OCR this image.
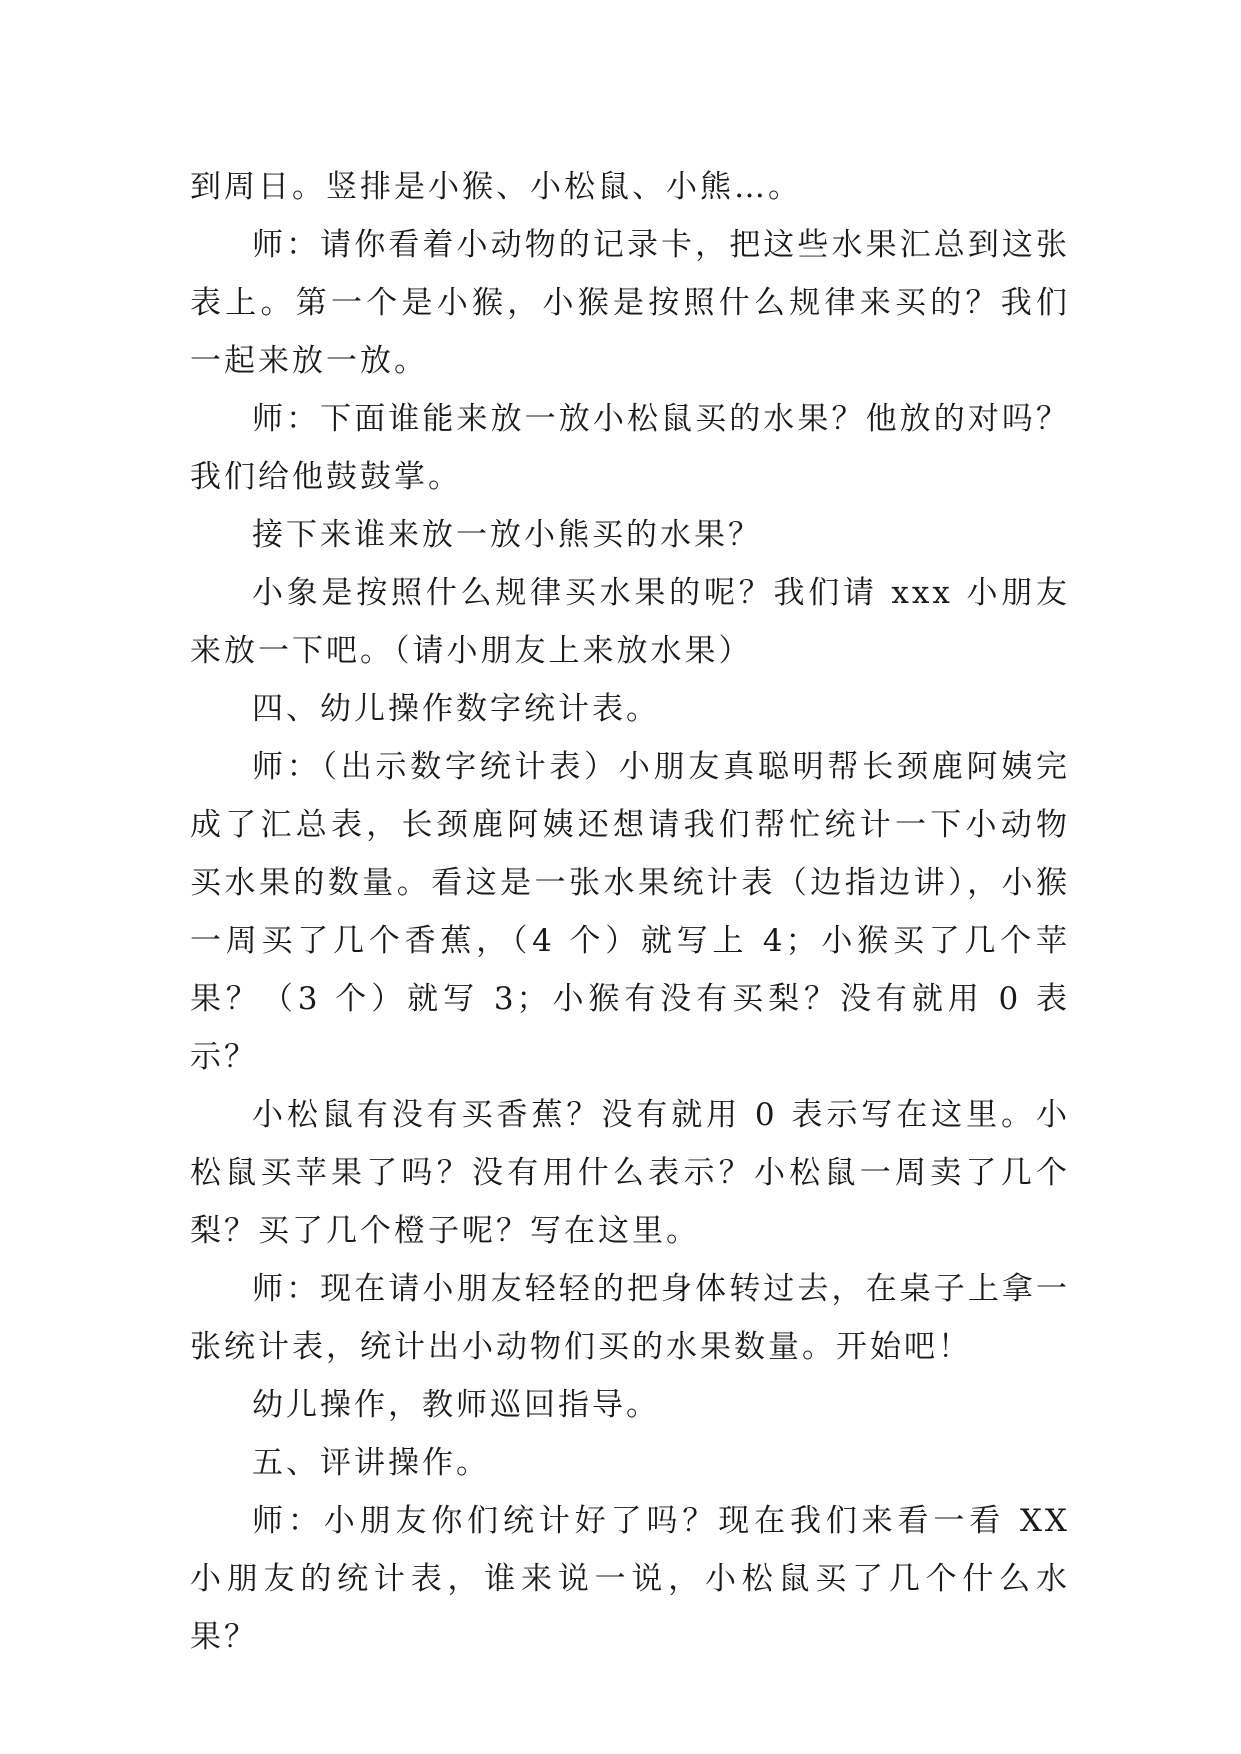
到周日。竖排是小猴、小松鼠、小熊…。

师：请你看着小动物的记录卡，把这些水果汇总到这张表上。第一个是小猴，小猴是按照什么规律来买的？我们一起来放一放。

师：下面谁能来放一放小松鼠买的水果？他放的对吗？我们给他鼓鼓掌。

接下来谁来放一放小熊买的水果？

小象是按照什么规律买水果的呢？我们请 xxx 小朋友来放一下吧。（请小朋友上来放水果）

四、幼儿操作数字统计表。

师：（出示数字统计表）小朋友真聪明帮长颈鹿阿姨完成了汇总表，长颈鹿阿姨还想请我们帮忙统计一下小动物买水果的数量。看这是一张水果统计表（边指边讲），小猴一周买了几个香蕉，（4 个）就写上 4；小猴买了几个苹果？（3 个）就写 3；小猴有没有买梨？没有就用 0 表示？

小松鼠有没有买香蕉？没有就用 0 表示写在这里。小松鼠买苹果了吗？没有用什么表示？小松鼠一周卖了几个梨？买了几个橙子呢？写在这里。

师：现在请小朋友轻轻的把身体转过去，在桌子上拿一张统计表，统计出小动物们买的水果数量。开始吧！

幼儿操作，教师巡回指导。

五、评讲操作。

师：小朋友你们统计好了吗？现在我们来看一看 XX 小朋友的统计表，谁来说一说，小松鼠买了几个什么水果？
